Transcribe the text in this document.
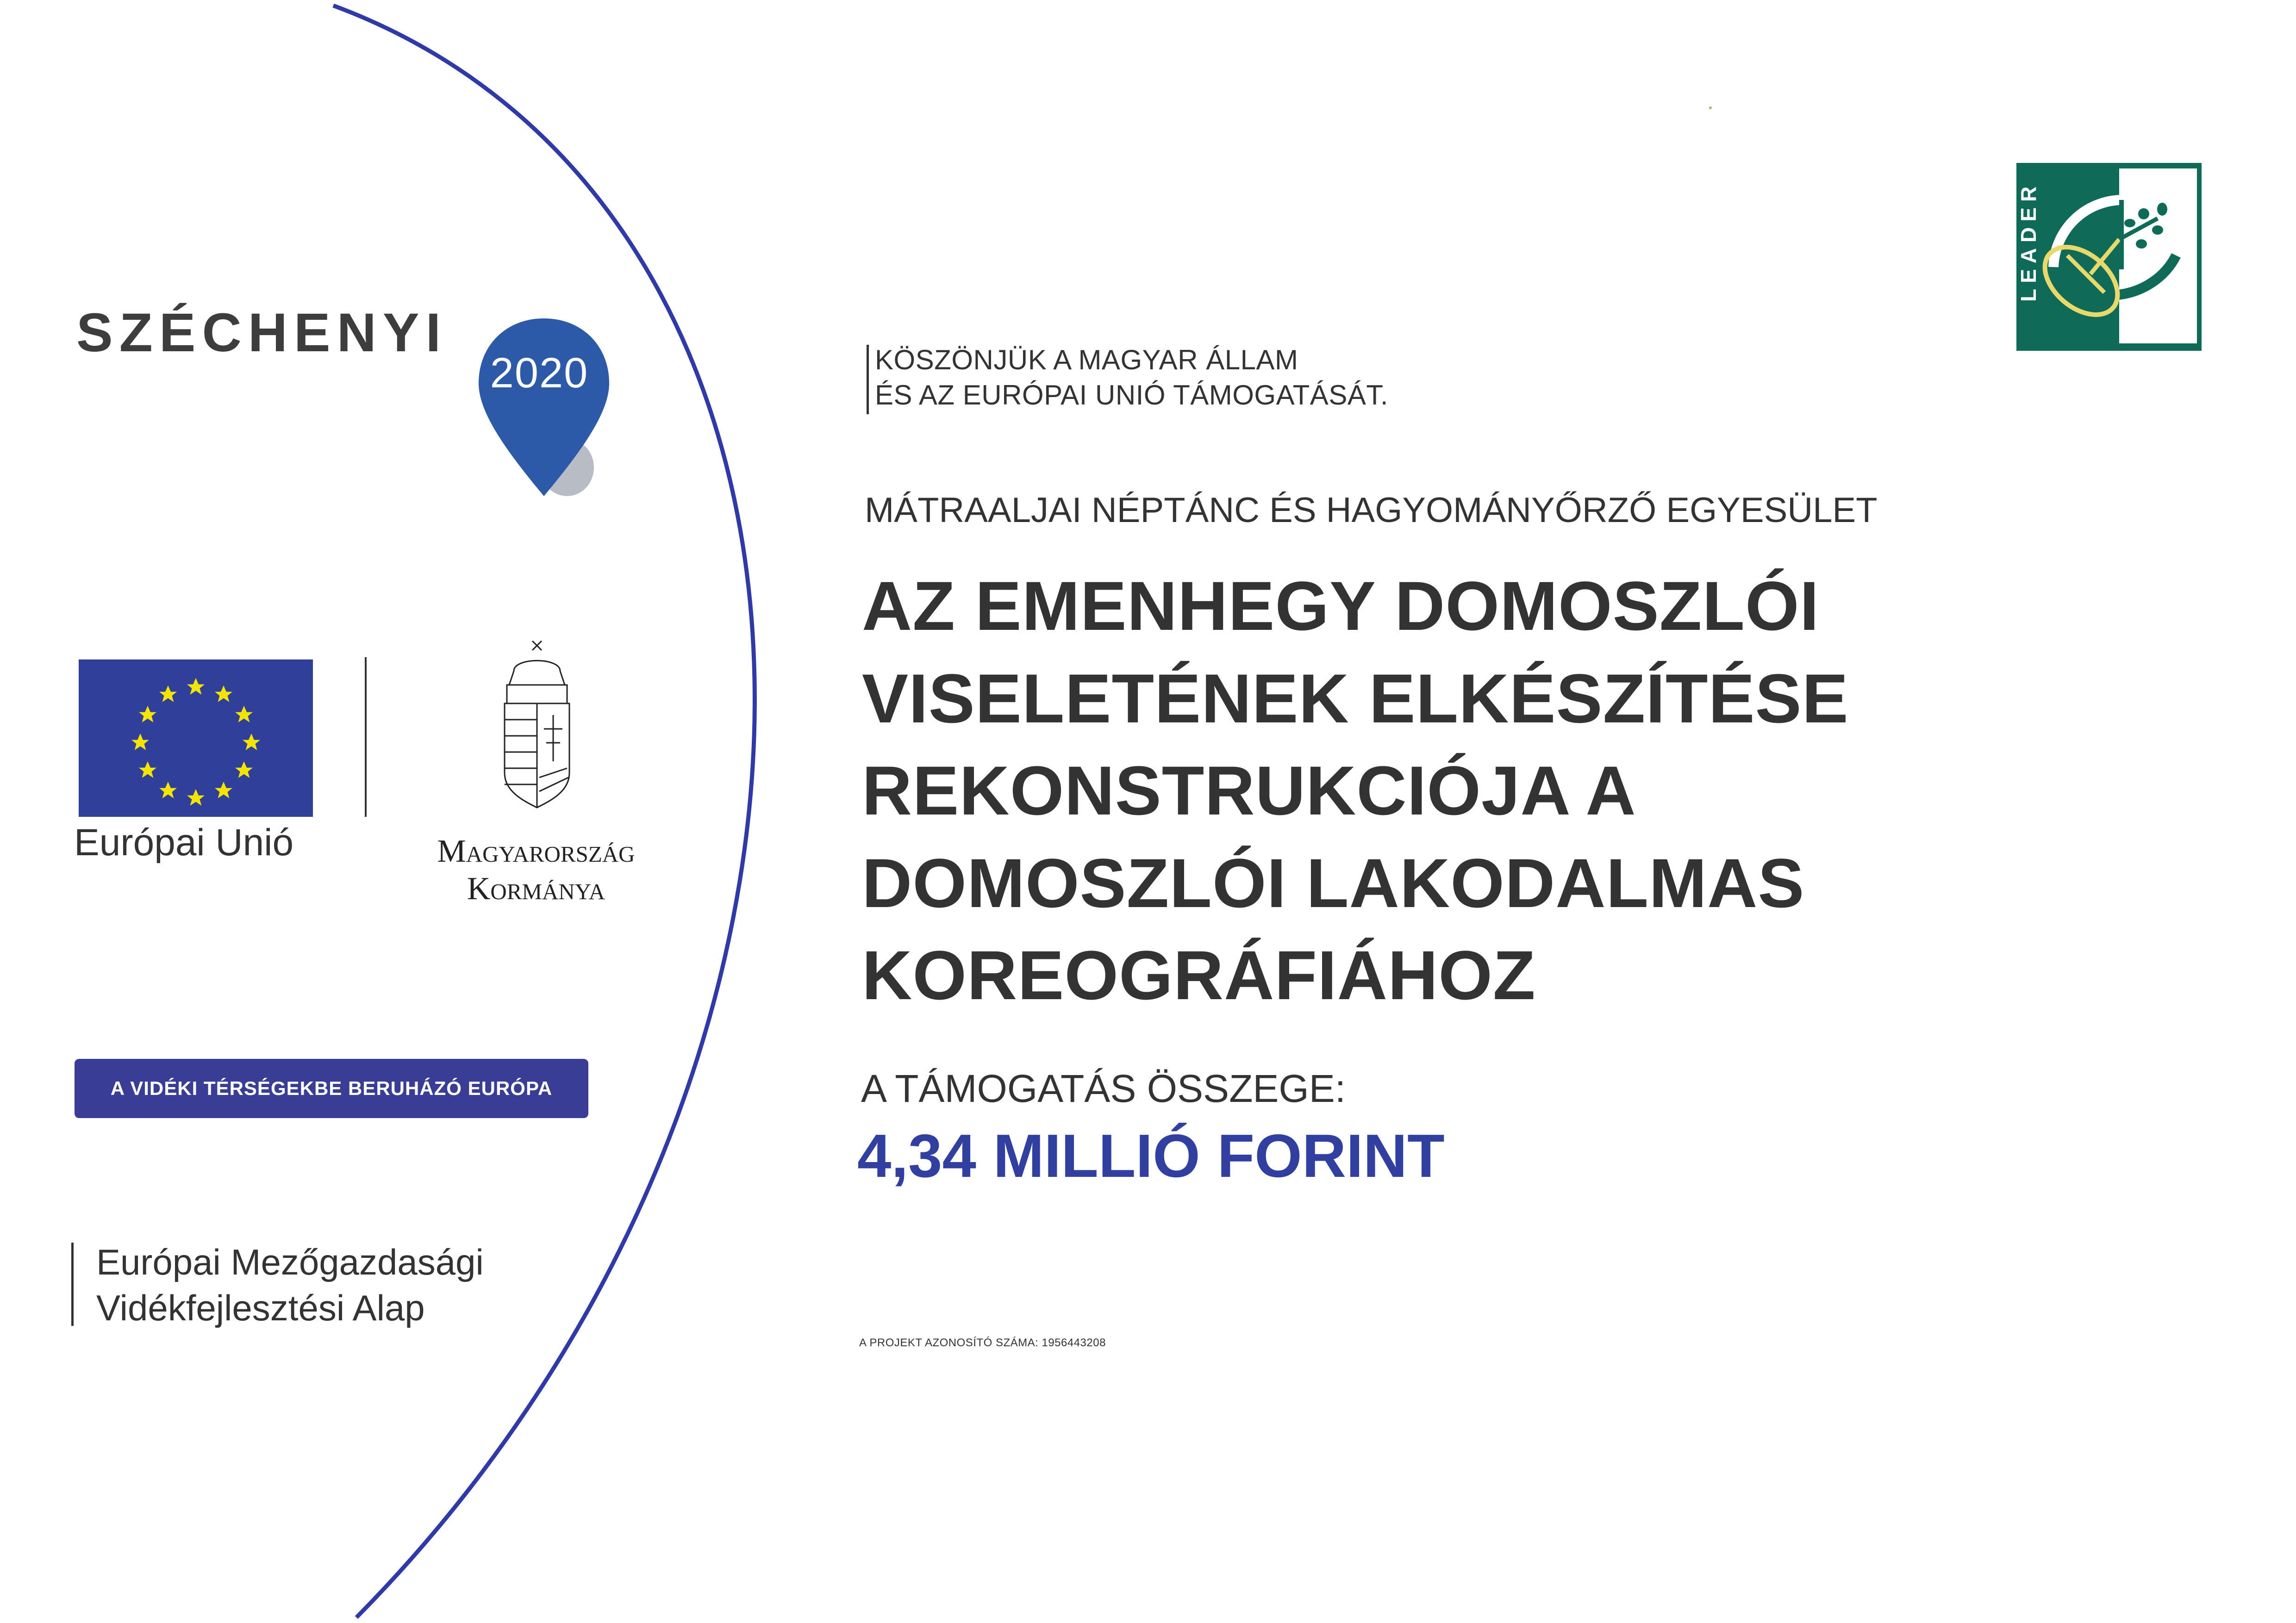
SZÉCHENYI
2020
Európai Unió	Magyarország
Kormánya
A VIDÉKI TÉRSÉGEKBE BERUHÁZÓ EURÓPA
Európai Mezőgazdasági
Vidékfejlesztési Alap
LEADER
KÖSZÖNJÜK A MAGYAR ÁLLAM
ÉS AZ EURÓPAI UNIÓ TÁMOGATÁSÁT.
MÁTRAALJAI NÉPTÁNC ÉS HAGYOMÁNYŐRZŐ EGYESÜLET
AZ EMENHEGY DOMOSZLÓI
VISELETÉNEK ELKÉSZÍTÉSE
REKONSTRUKCIÓJA A
DOMOSZLÓI LAKODALMAS
KOREOGRÁFIÁHOZ
A TÁMOGATÁS ÖSSZEGE:
4,34 MILLIÓ FORINT
A PROJEKT AZONOSÍTÓ SZÁMA: 1956443208
